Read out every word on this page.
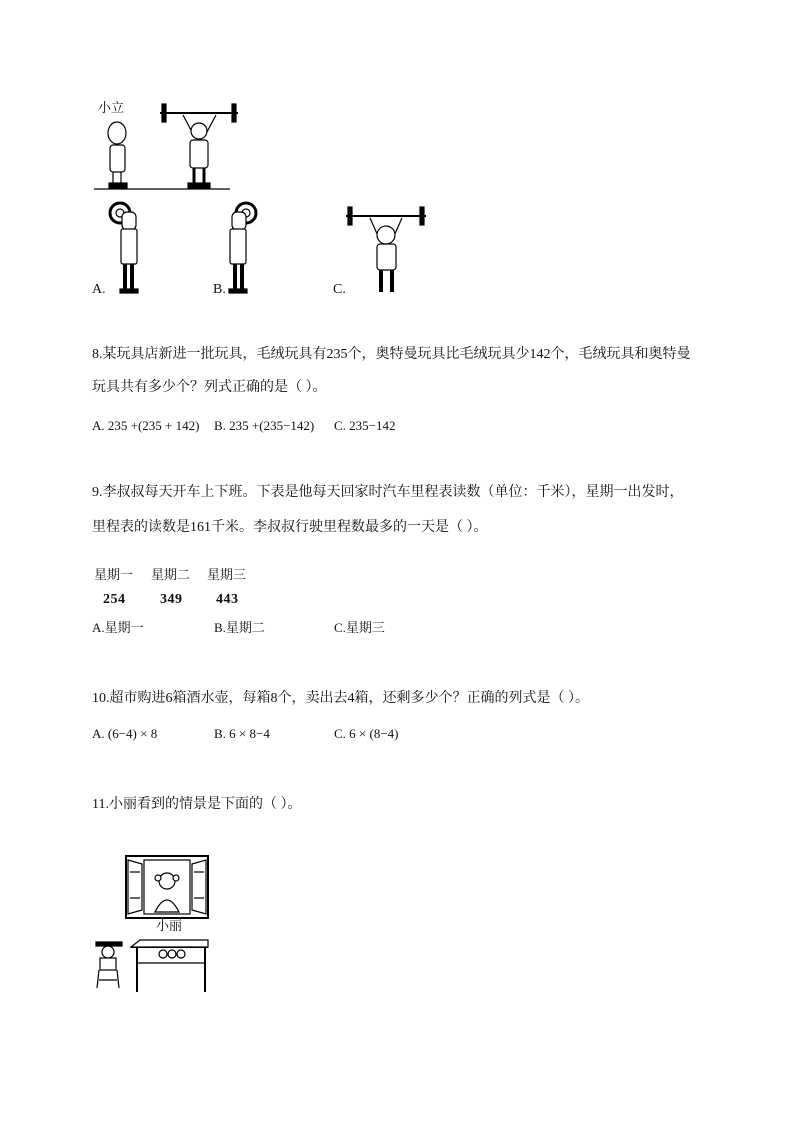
小立
A.	B.	C.
8.某玩具店新进一批玩具，毛绒玩具有235个，奥特曼玩具比毛绒玩具少142个，毛绒玩具和奥特曼
玩具共有多少个？列式正确的是（ ）。
A. 235 +(235 + 142) B. 235 +(235−142) C. 235−142
9.李叔叔每天开车上下班。下表是他每天回家时汽车里程表读数（单位：千米），星期一出发时，
里程表的读数是161千米。李叔叔行驶里程数最多的一天是（ ）。
星期一 星期二 星期三
254 349 443
A.星期一	B.星期二	C.星期三
10.超市购进6箱酒水壶，每箱8个，卖出去4箱，还剩多少个？正确的列式是（ ）。
A. (6−4) × 8	B. 6 × 8−4	C. 6 × (8−4)
11.小丽看到的情景是下面的（ ）。
小丽
